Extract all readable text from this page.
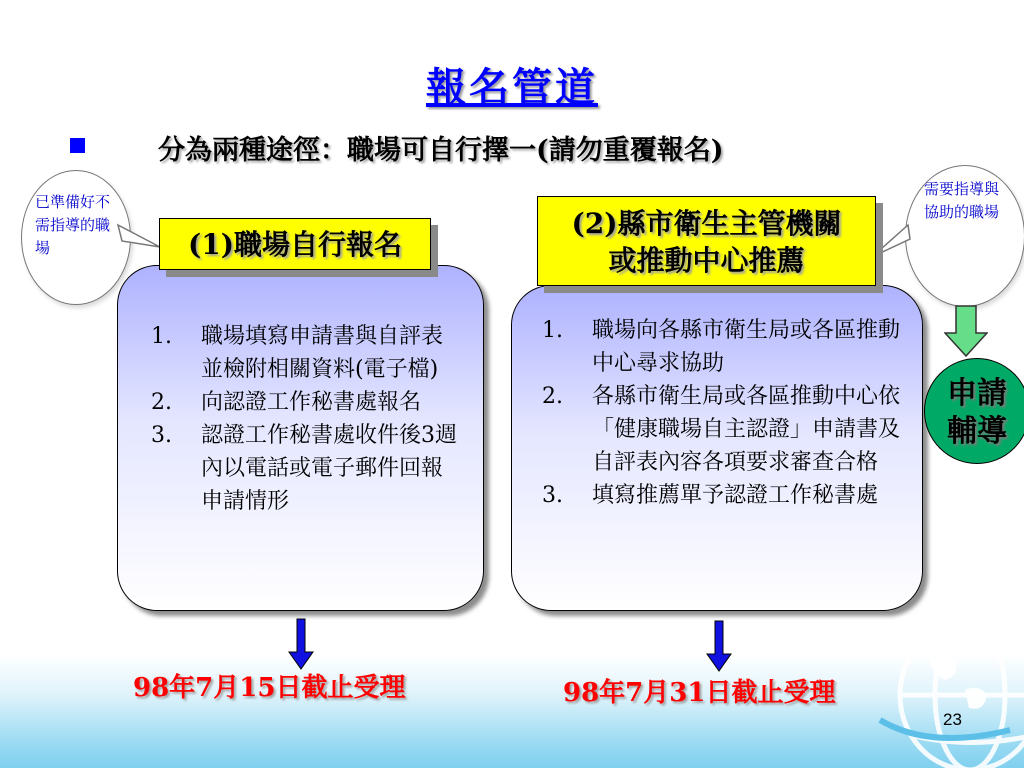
報名管道
分為兩種途徑：職場可自行擇一(請勿重覆報名)
已準備好不需指導的職場
需要指導與協助的職場
1. 職場填寫申請書與自評表並檢附相關資料(電子檔)
2. 向認證工作秘書處報名
3. 認證工作秘書處收件後3週內以電話或電子郵件回報申請情形
(1)職場自行報名
1. 職場向各縣市衛生局或各區推動中心尋求協助
2. 各縣市衛生局或各區推動中心依「健康職場自主認證」申請書及自評表內容各項要求審查合格
3. 填寫推薦單予認證工作秘書處
(2)縣市衛生主管機關
或推動中心推薦
申請
輔導
98年7月15日截止受理	98年7月31日截止受理
23
